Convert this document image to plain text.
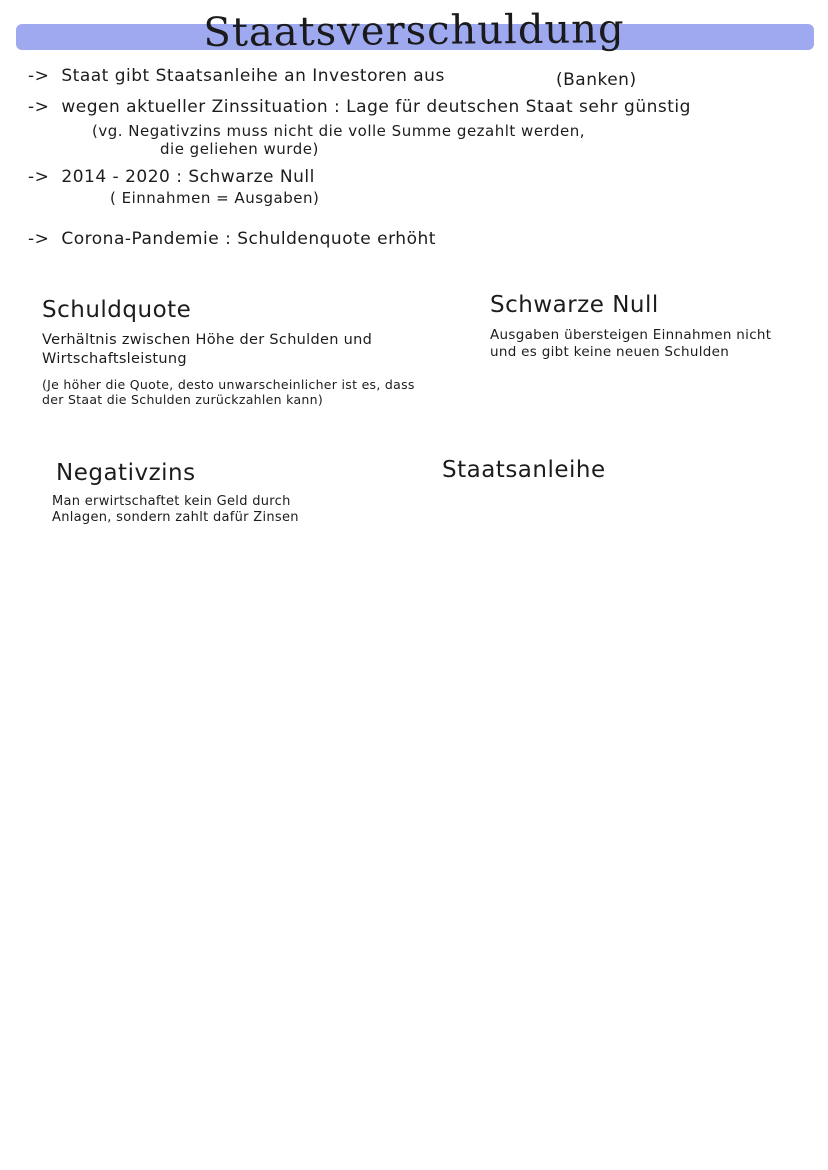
Staatsverschuldung
-> Staat gibt Staatsanleihe an Investoren aus	(Banken)
-> wegen aktueller Zinssituation : Lage für deutschen Staat sehr günstig
(vg. Negativzins muss nicht die volle Summe gezahlt werden,
die geliehen wurde)
-> 2014 - 2020 : Schwarze Null
( Einnahmen = Ausgaben)
-> Corona-Pandemie : Schuldenquote erhöht
Schuldquote
Verhältnis zwischen Höhe der Schulden und Wirtschaftsleistung
(Je höher die Quote, desto unwarscheinlicher ist es, dass der Staat die Schulden zurückzahlen kann)
Schwarze Null
Ausgaben übersteigen Einnahmen nicht und es gibt keine neuen Schulden
Negativzins
Man erwirtschaftet kein Geld durch Anlagen, sondern zahlt dafür Zinsen
Staatsanleihe
